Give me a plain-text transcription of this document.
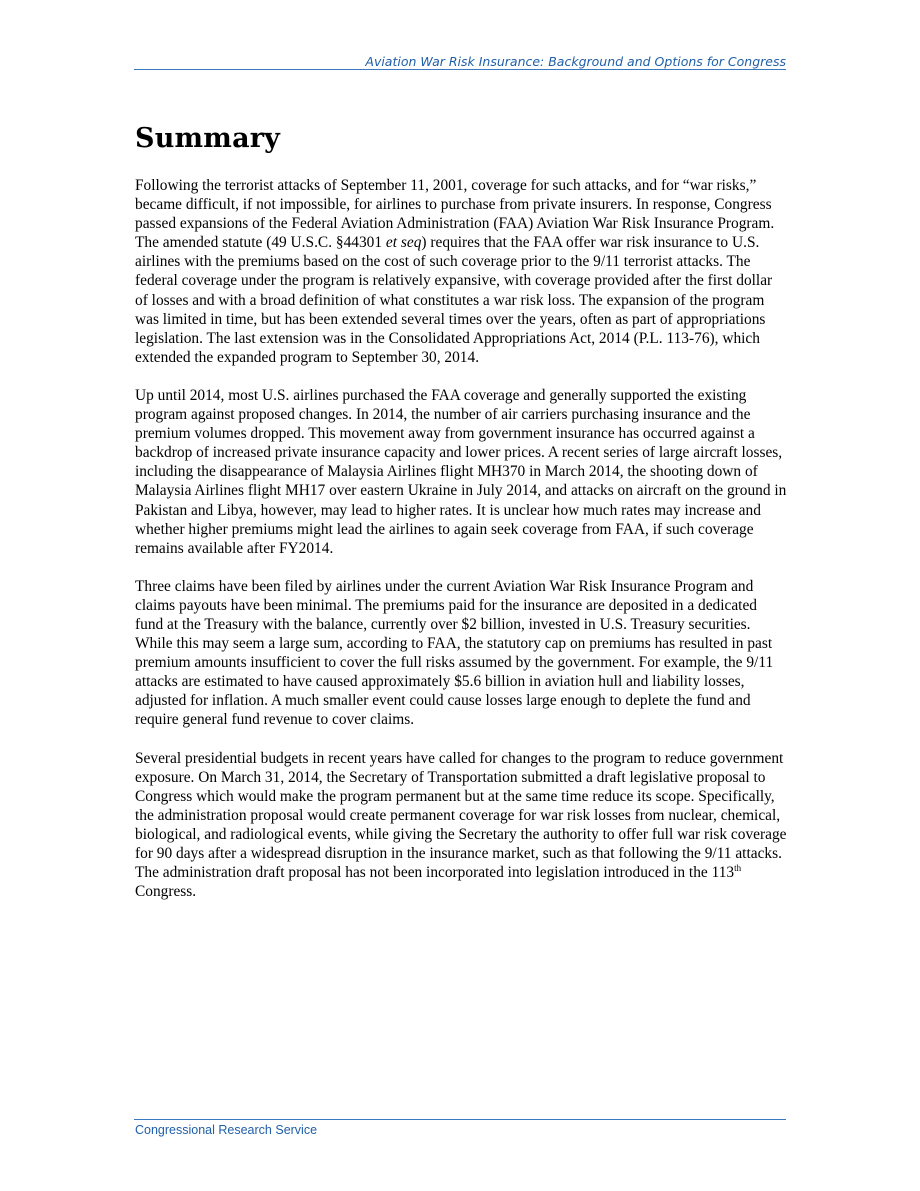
Aviation War Risk Insurance: Background and Options for Congress
Summary

Following the terrorist attacks of September 11, 2001, coverage for such attacks, and for “war risks,” became difficult, if not impossible, for airlines to purchase from private insurers. In response, Congress passed expansions of the Federal Aviation Administration (FAA) Aviation War Risk Insurance Program. The amended statute (49 U.S.C. §44301 et seq) requires that the FAA offer war risk insurance to U.S. airlines with the premiums based on the cost of such coverage prior to the 9/11 terrorist attacks. The federal coverage under the program is relatively expansive, with coverage provided after the first dollar of losses and with a broad definition of what constitutes a war risk loss. The expansion of the program was limited in time, but has been extended several times over the years, often as part of appropriations legislation. The last extension was in the Consolidated Appropriations Act, 2014 (P.L. 113-76), which extended the expanded program to September 30, 2014.

Up until 2014, most U.S. airlines purchased the FAA coverage and generally supported the existing program against proposed changes. In 2014, the number of air carriers purchasing insurance and the premium volumes dropped. This movement away from government insurance has occurred against a backdrop of increased private insurance capacity and lower prices. A recent series of large aircraft losses, including the disappearance of Malaysia Airlines flight MH370 in March 2014, the shooting down of Malaysia Airlines flight MH17 over eastern Ukraine in July 2014, and attacks on aircraft on the ground in Pakistan and Libya, however, may lead to higher rates. It is unclear how much rates may increase and whether higher premiums might lead the airlines to again seek coverage from FAA, if such coverage remains available after FY2014.

Three claims have been filed by airlines under the current Aviation War Risk Insurance Program and claims payouts have been minimal. The premiums paid for the insurance are deposited in a dedicated fund at the Treasury with the balance, currently over $2 billion, invested in U.S. Treasury securities. While this may seem a large sum, according to FAA, the statutory cap on premiums has resulted in past premium amounts insufficient to cover the full risks assumed by the government. For example, the 9/11 attacks are estimated to have caused approximately $5.6 billion in aviation hull and liability losses, adjusted for inflation. A much smaller event could cause losses large enough to deplete the fund and require general fund revenue to cover claims.

Several presidential budgets in recent years have called for changes to the program to reduce government exposure. On March 31, 2014, the Secretary of Transportation submitted a draft legislative proposal to Congress which would make the program permanent but at the same time reduce its scope. Specifically, the administration proposal would create permanent coverage for war risk losses from nuclear, chemical, biological, and radiological events, while giving the Secretary the authority to offer full war risk coverage for 90 days after a widespread disruption in the insurance market, such as that following the 9/11 attacks. The administration draft proposal has not been incorporated into legislation introduced in the 113th Congress.

Congressional Research Service
